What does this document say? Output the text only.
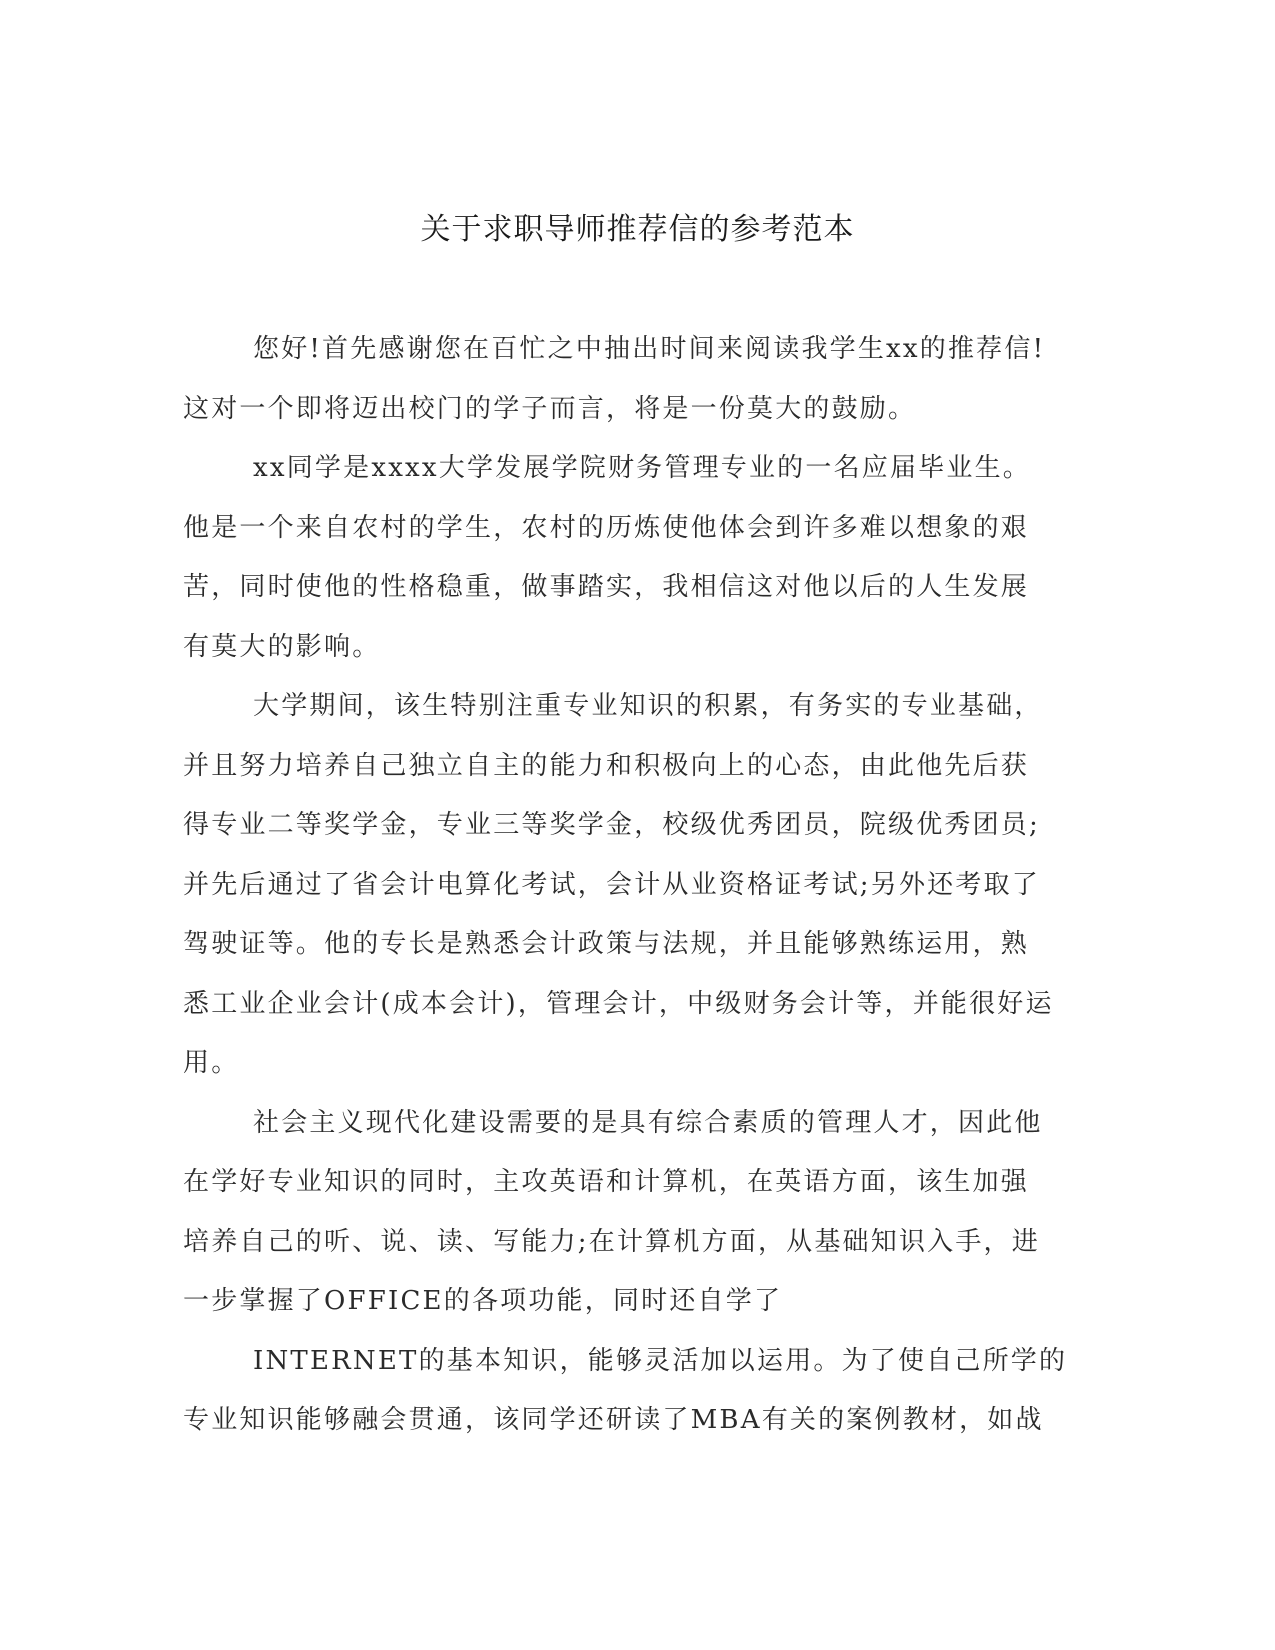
关于求职导师推荐信的参考范本
您好!首先感谢您在百忙之中抽出时间来阅读我学生xx的推荐信!
这对一个即将迈出校门的学子而言，将是一份莫大的鼓励。
xx同学是xxxx大学发展学院财务管理专业的一名应届毕业生。
他是一个来自农村的学生，农村的历炼使他体会到许多难以想象的艰
苦，同时使他的性格稳重，做事踏实，我相信这对他以后的人生发展
有莫大的影响。
大学期间，该生特别注重专业知识的积累，有务实的专业基础，
并且努力培养自己独立自主的能力和积极向上的心态，由此他先后获
得专业二等奖学金，专业三等奖学金，校级优秀团员，院级优秀团员;
并先后通过了省会计电算化考试，会计从业资格证考试;另外还考取了
驾驶证等。他的专长是熟悉会计政策与法规，并且能够熟练运用，熟
悉工业企业会计(成本会计)，管理会计，中级财务会计等，并能很好运
用。
社会主义现代化建设需要的是具有综合素质的管理人才，因此他
在学好专业知识的同时，主攻英语和计算机，在英语方面，该生加强
培养自己的听、说、读、写能力;在计算机方面，从基础知识入手，进
一步掌握了OFFICE的各项功能，同时还自学了
INTERNET的基本知识，能够灵活加以运用。为了使自己所学的
专业知识能够融会贯通，该同学还研读了MBA有关的案例教材，如战
